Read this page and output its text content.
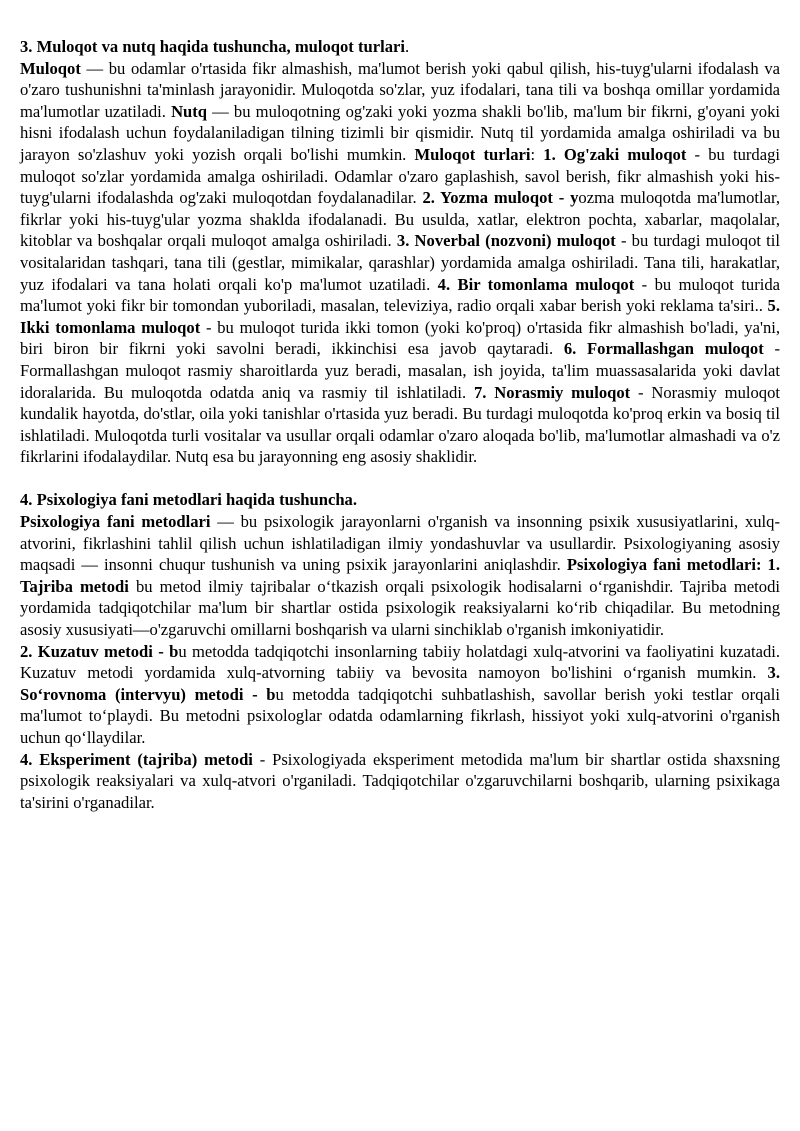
3. Muloqot va nutq haqida tushuncha, muloqot turlari.

Muloqot — bu odamlar o'rtasida fikr almashish, ma'lumot berish yoki qabul qilish, his-tuyg'ularni ifodalash va o'zaro tushunishni ta'minlash jarayonidir. Muloqotda so'zlar, yuz ifodalari, tana tili va boshqa omillar yordamida ma'lumotlar uzatiladi. Nutq — bu muloqotning og'zaki yoki yozma shakli bo'lib, ma'lum bir fikrni, g'oyani yoki hisni ifodalash uchun foydalaniladigan tilning tizimli bir qismidir. Nutq til yordamida amalga oshiriladi va bu jarayon so'zlashuv yoki yozish orqali bo'lishi mumkin. Muloqot turlari: 1. Og'zaki muloqot - bu turdagi muloqot so'zlar yordamida amalga oshiriladi. Odamlar o'zaro gaplashish, savol berish, fikr almashish yoki his-tuyg'ularni ifodalashda og'zaki muloqotdan foydalanadilar. 2. Yozma muloqot - yozma muloqotda ma'lumotlar, fikrlar yoki his-tuyg'ular yozma shaklda ifodalanadi. Bu usulda, xatlar, elektron pochta, xabarlar, maqolalar, kitoblar va boshqalar orqali muloqot amalga oshiriladi. 3. Noverbal (nozvoni) muloqot - bu turdagi muloqot til vositalaridan tashqari, tana tili (gestlar, mimikalar, qarashlar) yordamida amalga oshiriladi. Tana tili, harakatlar, yuz ifodalari va tana holati orqali ko'p ma'lumot uzatiladi. 4. Bir tomonlama muloqot - bu muloqot turida ma'lumot yoki fikr bir tomondan yuboriladi, masalan, televiziya, radio orqali xabar berish yoki reklama ta'siri.. 5. Ikki tomonlama muloqot - bu muloqot turida ikki tomon (yoki ko'proq) o'rtasida fikr almashish bo'ladi, ya'ni, biri biron bir fikrni yoki savolni beradi, ikkinchisi esa javob qaytaradi. 6. Formallashgan muloqot - Formallashgan muloqot rasmiy sharoitlarda yuz beradi, masalan, ish joyida, ta'lim muassasalarida yoki davlat idoralarida. Bu muloqotda odatda aniq va rasmiy til ishlatiladi. 7. Norasmiy muloqot - Norasmiy muloqot kundalik hayotda, do'stlar, oila yoki tanishlar o'rtasida yuz beradi. Bu turdagi muloqotda ko'proq erkin va bosiq til ishlatiladi. Muloqotda turli vositalar va usullar orqali odamlar o'zaro aloqada bo'lib, ma'lumotlar almashadi va o'z fikrlarini ifodalaydilar. Nutq esa bu jarayonning eng asosiy shaklidir.

4. Psixologiya fani metodlari haqida tushuncha.

Psixologiya fani metodlari — bu psixologik jarayonlarni o'rganish va insonning psixik xususiyatlarini, xulq-atvorini, fikrlashini tahlil qilish uchun ishlatiladigan ilmiy yondashuvlar va usullardir. Psixologiyaning asosiy maqsadi — insonni chuqur tushunish va uning psixik jarayonlarini aniqlashdir. Psixologiya fani metodlari: 1. Tajriba metodi bu metod ilmiy tajribalar o‘tkazish orqali psixologik hodisalarni o‘rganishdir. Tajriba metodi yordamida tadqiqotchilar ma'lum bir shartlar ostida psixologik reaksiyalarni ko‘rib chiqadilar. Bu metodning asosiy xususiyati—o'zgaruvchi omillarni boshqarish va ularni sinchiklab o'rganish imkoniyatidir.

2. Kuzatuv metodi - bu metodda tadqiqotchi insonlarning tabiiy holatdagi xulq-atvorini va faoliyatini kuzatadi. Kuzatuv metodi yordamida xulq-atvorning tabiiy va bevosita namoyon bo'lishini o‘rganish mumkin. 3. So‘rovnoma (intervyu) metodi - bu metodda tadqiqotchi suhbatlashish, savollar berish yoki testlar orqali ma'lumot to‘playdi. Bu metodni psixologlar odatda odamlarning fikrlash, hissiyot yoki xulq-atvorini o'rganish uchun qo‘llaydilar.

4. Eksperiment (tajriba) metodi - Psixologiyada eksperiment metodida ma'lum bir shartlar ostida shaxsning psixologik reaksiyalari va xulq-atvori o'rganiladi. Tadqiqotchilar o'zgaruvchilarni boshqarib, ularning psixikaga ta'sirini o'rganadilar.
